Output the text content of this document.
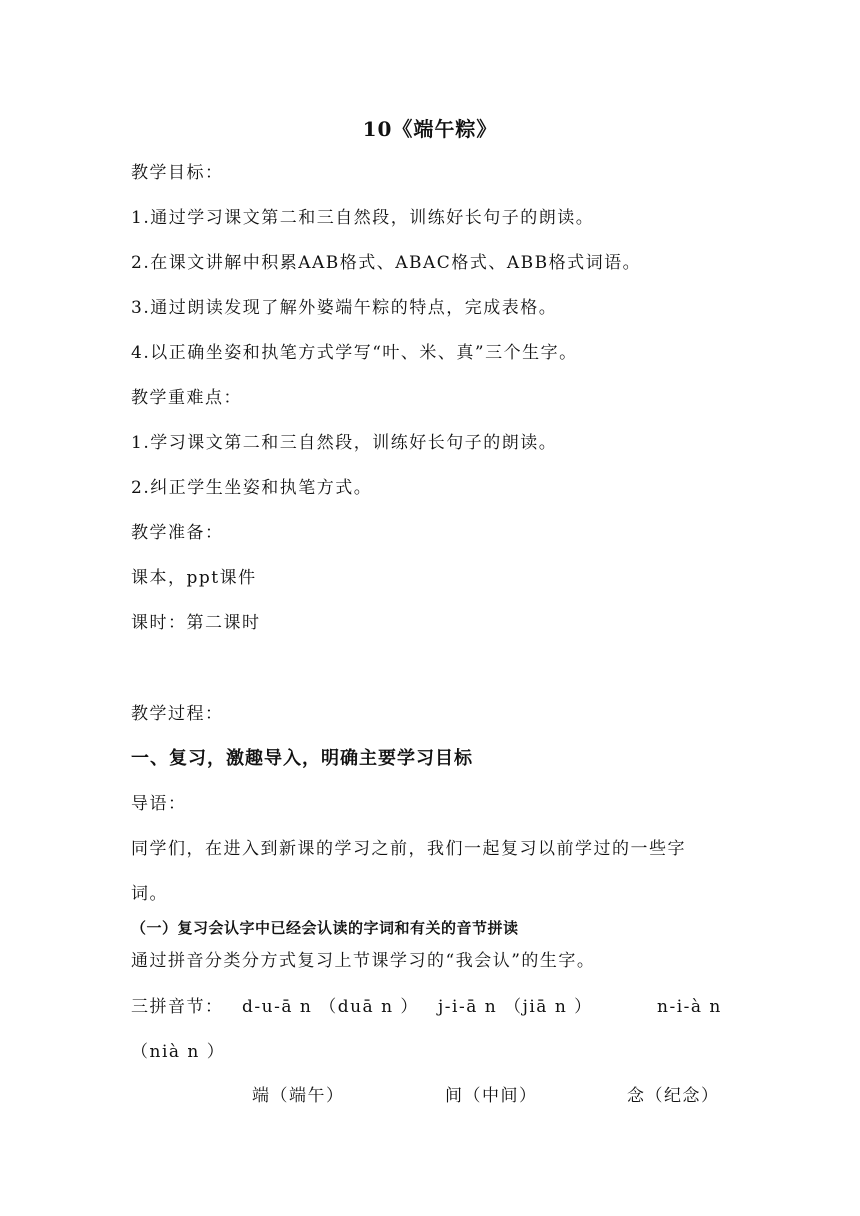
10《端午粽》
教学目标：
1.通过学习课文第二和三自然段，训练好长句子的朗读。
2.在课文讲解中积累AAB格式、ABAC格式、ABB格式词语。
3.通过朗读发现了解外婆端午粽的特点，完成表格。
4.以正确坐姿和执笔方式学写“叶、米、真”三个生字。
教学重难点：
1.学习课文第二和三自然段，训练好长句子的朗读。
2.纠正学生坐姿和执笔方式。
教学准备：
课本，ppt课件
课时：第二课时
教学过程：
一、复习，激趣导入，明确主要学习目标
导语：
同学们，在进入到新课的学习之前，我们一起复习以前学过的一些字
词。
（一）复习会认字中已经会认读的字词和有关的音节拼读
通过拼音分类分方式复习上节课学习的“我会认”的生字。
三拼音节： d-u-ā n （duā n ） j-i-ā n （jiā n ）	n-i-à n
（nià n ）
端（端午）	间（中间）	念（纪念）
